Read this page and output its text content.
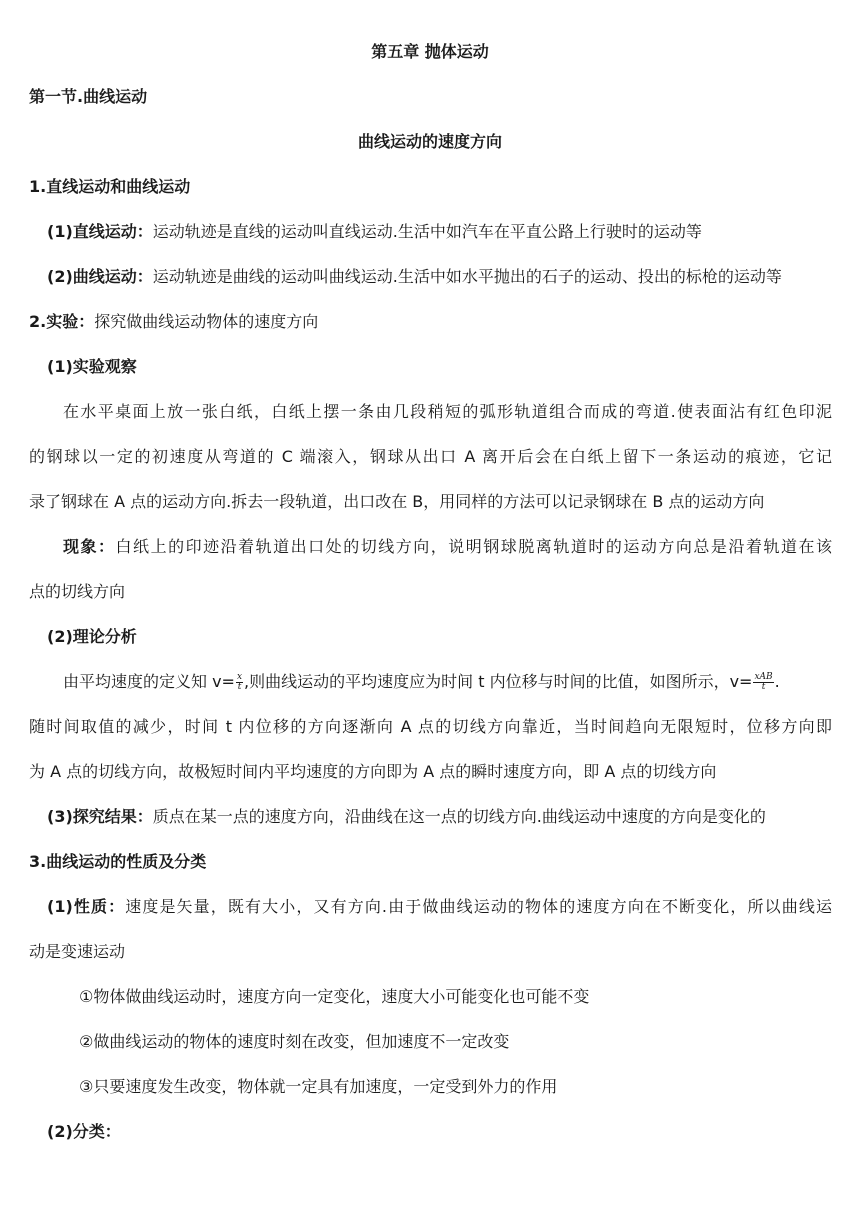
第五章 抛体运动
第一节.曲线运动
曲线运动的速度方向
1.直线运动和曲线运动
(1)直线运动：运动轨迹是直线的运动叫直线运动.生活中如汽车在平直公路上行驶时的运动等
(2)曲线运动：运动轨迹是曲线的运动叫曲线运动.生活中如水平抛出的石子的运动、投出的标枪的运动等
2.实验：探究做曲线运动物体的速度方向
(1)实验观察
在水平桌面上放一张白纸，白纸上摆一条由几段稍短的弧形轨道组合而成的弯道.使表面沾有红色印泥
的钢球以一定的初速度从弯道的 C 端滚入，钢球从出口 A 离开后会在白纸上留下一条运动的痕迹，它记
录了钢球在 A 点的运动方向.拆去一段轨道，出口改在 B，用同样的方法可以记录钢球在 B 点的运动方向
现象：白纸上的印迹沿着轨道出口处的切线方向，说明钢球脱离轨道时的运动方向总是沿着轨道在该
点的切线方向
(2)理论分析
由平均速度的定义知 $v= \frac{x}{t}$ ,则曲线运动的平均速度应为时间 t 内位移与时间的比值，如图所示，$v= \frac{\text{xAB}}{t}$ .
随时间取值的减少，时间 t 内位移的方向逐渐向 A 点的切线方向靠近，当时间趋向无限短时，位移方向即
为 A 点的切线方向，故极短时间内平均速度的方向即为 A 点的瞬时速度方向，即 A 点的切线方向
(3)探究结果：质点在某一点的速度方向，沿曲线在这一点的切线方向.曲线运动中速度的方向是变化的
3.曲线运动的性质及分类
(1)性质：速度是矢量，既有大小，又有方向.由于做曲线运动的物体的速度方向在不断变化，所以曲线运
动是变速运动
①物体做曲线运动时，速度方向一定变化，速度大小可能变化也可能不变
②做曲线运动的物体的速度时刻在改变，但加速度不一定改变
③只要速度发生改变，物体就一定具有加速度，一定受到外力的作用
(2)分类：
